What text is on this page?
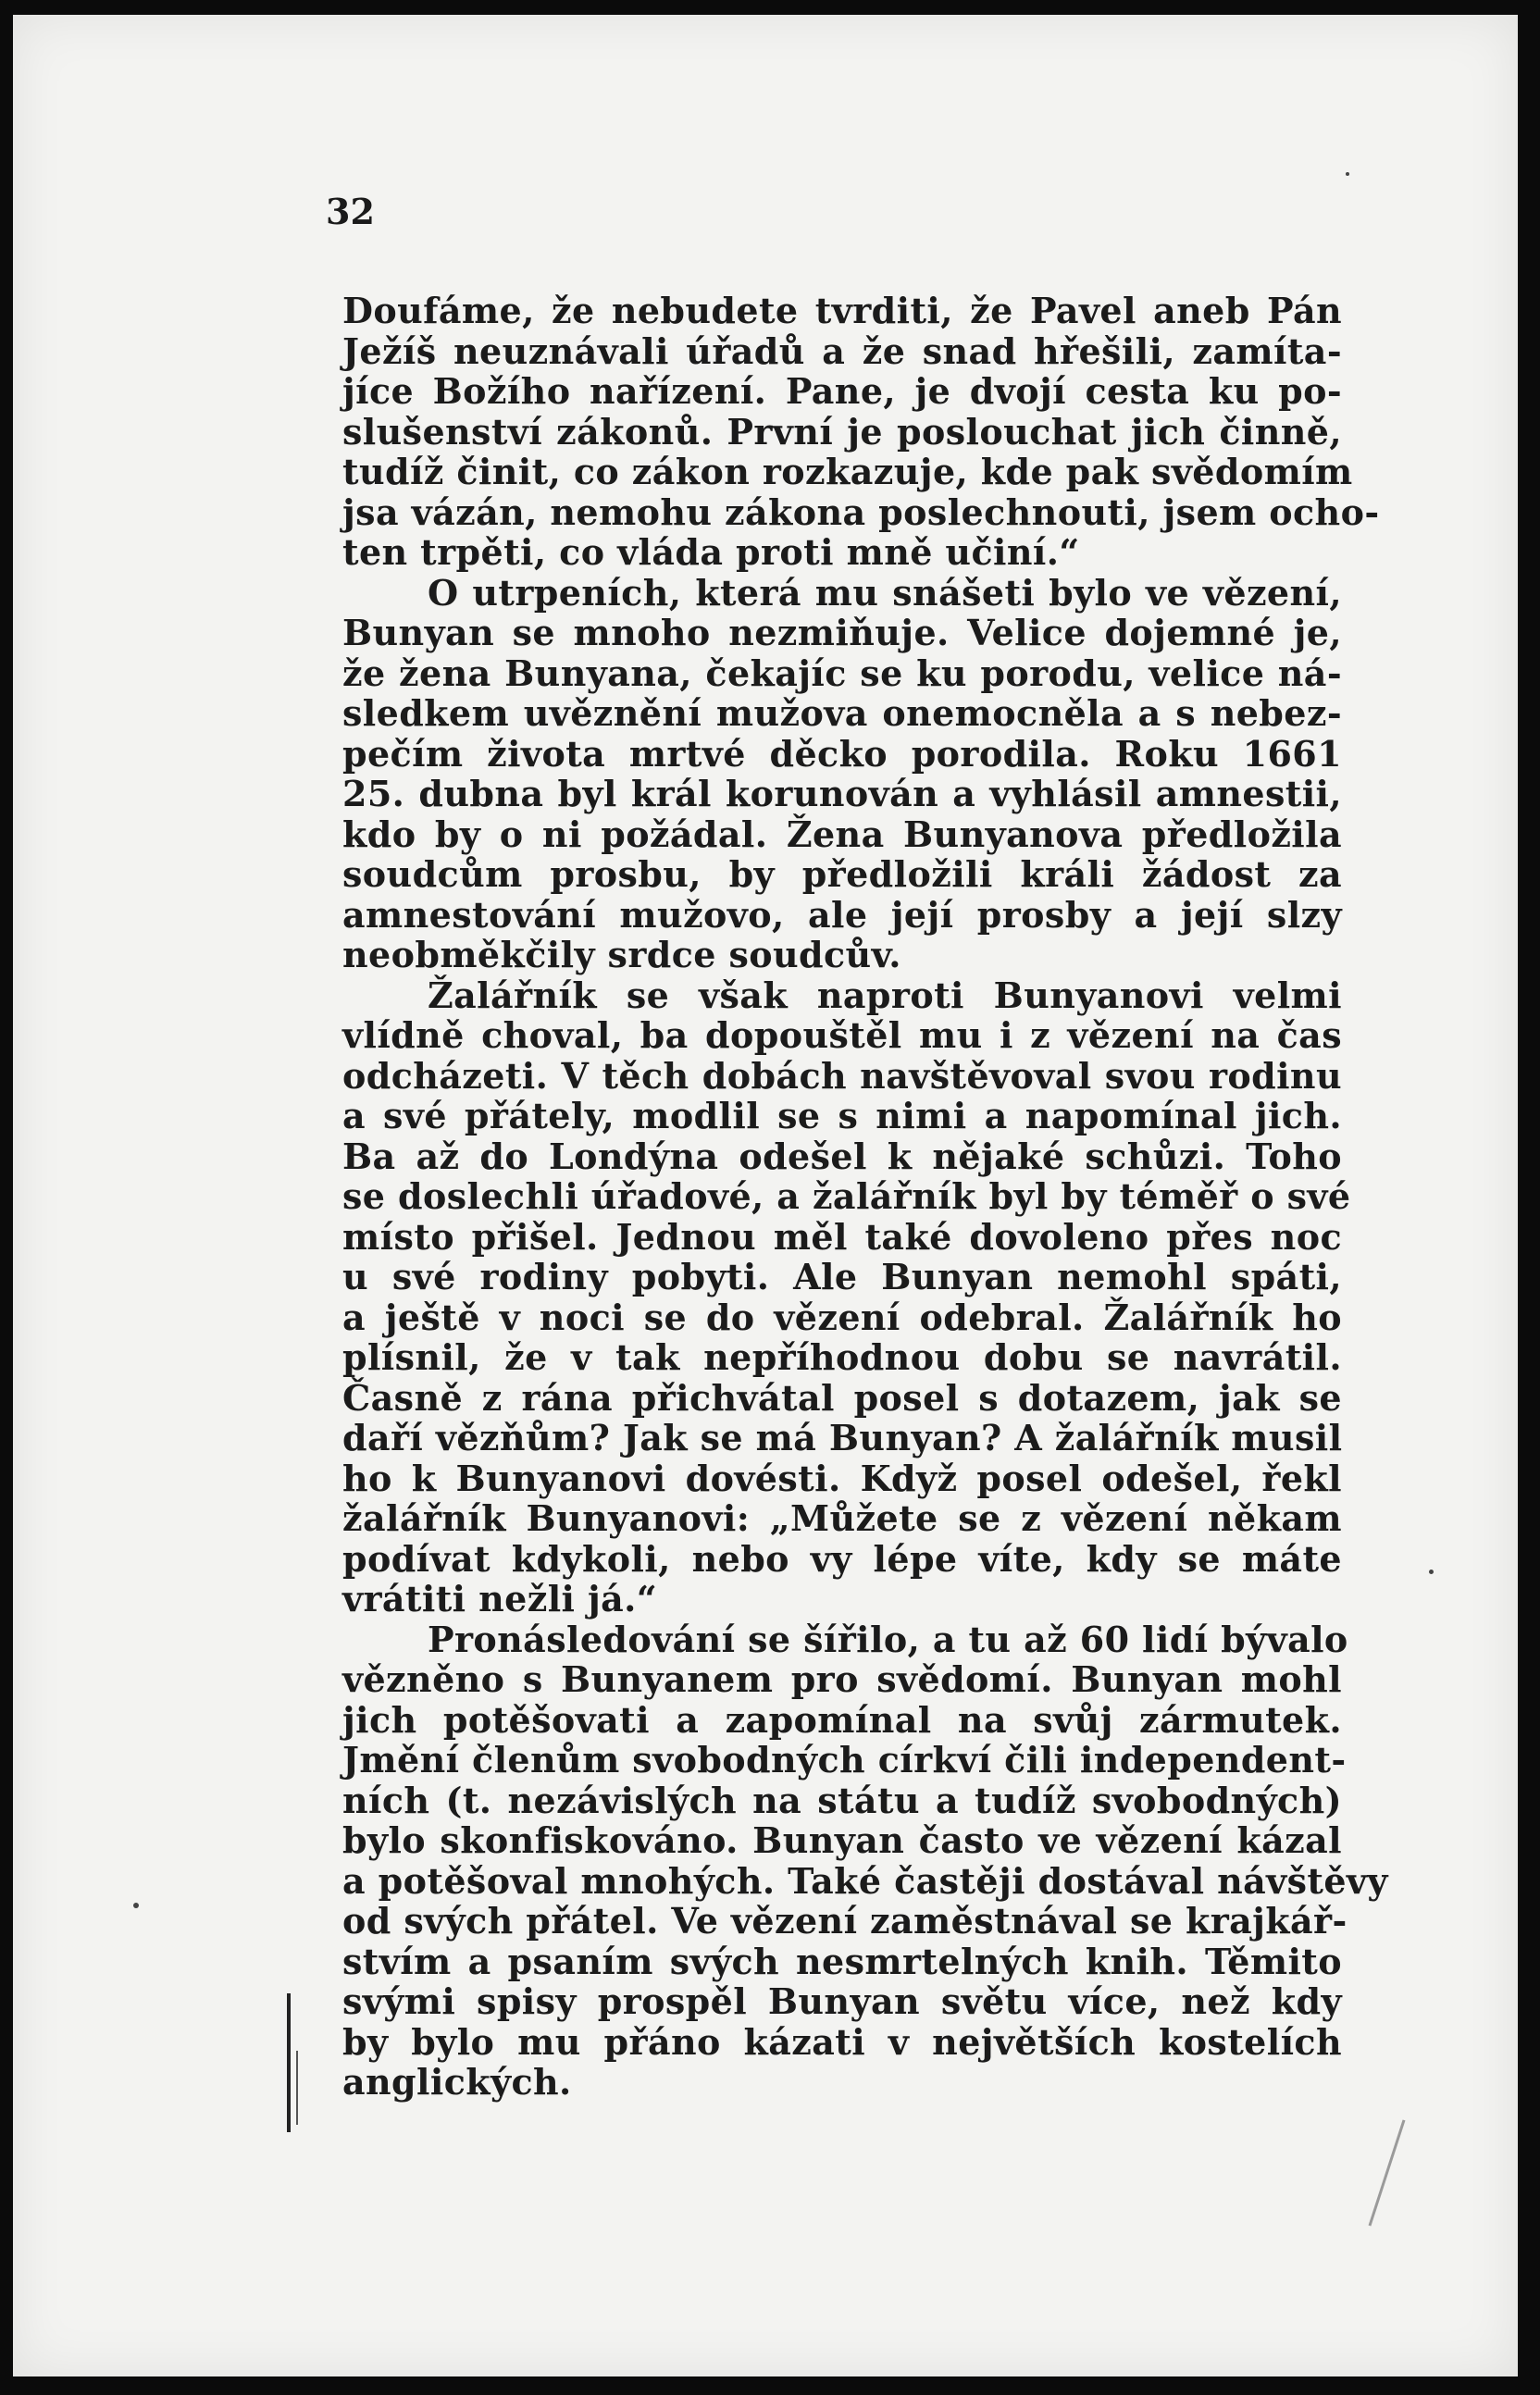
32
Doufáme, že nebudete tvrditi, že Pavel aneb Pán
Ježíš neuznávali úřadů a že snad hřešili, zamíta-
jíce Božího nařízení. Pane, je dvojí cesta ku po-
slušenství zákonů. První je poslouchat jich činně,
tudíž činit, co zákon rozkazuje, kde pak svědomím
jsa vázán, nemohu zákona poslechnouti, jsem ocho-
ten trpěti, co vláda proti mně učiní.“
O utrpeních, která mu snášeti bylo ve vězení,
Bunyan se mnoho nezmiňuje. Velice dojemné je,
že žena Bunyana, čekajíc se ku porodu, velice ná-
sledkem uvěznění mužova onemocněla a s nebez-
pečím života mrtvé děcko porodila. Roku 1661
25. dubna byl král korunován a vyhlásil amnestii,
kdo by o ni požádal. Žena Bunyanova předložila
soudcům prosbu, by předložili králi žádost za
amnestování mužovo, ale její prosby a její slzy
neobměkčily srdce soudcův.
Žalářník se však naproti Bunyanovi velmi
vlídně choval, ba dopouštěl mu i z vězení na čas
odcházeti. V těch dobách navštěvoval svou rodinu
a své přátely, modlil se s nimi a napomínal jich.
Ba až do Londýna odešel k nějaké schůzi. Toho
se doslechli úřadové, a žalářník byl by téměř o své
místo přišel. Jednou měl také dovoleno přes noc
u své rodiny pobyti. Ale Bunyan nemohl spáti,
a ještě v noci se do vězení odebral. Žalářník ho
plísnil, že v tak nepříhodnou dobu se navrátil.
Časně z rána přichvátal posel s dotazem, jak se
daří vězňům? Jak se má Bunyan? A žalářník musil
ho k Bunyanovi dovésti. Když posel odešel, řekl
žalářník Bunyanovi: „Můžete se z vězení někam
podívat kdykoli, nebo vy lépe víte, kdy se máte
vrátiti nežli já.“
Pronásledování se šířilo, a tu až 60 lidí bývalo
vězněno s Bunyanem pro svědomí. Bunyan mohl
jich potěšovati a zapomínal na svůj zármutek.
Jmění členům svobodných církví čili independent-
ních (t. nezávislých na státu a tudíž svobodných)
bylo skonfiskováno. Bunyan často ve vězení kázal
a potěšoval mnohých. Také častěji dostával návštěvy
od svých přátel. Ve vězení zaměstnával se krajkář-
stvím a psaním svých nesmrtelných knih. Těmito
svými spisy prospěl Bunyan světu více, než kdy
by bylo mu přáno kázati v největších kostelích
anglických.
